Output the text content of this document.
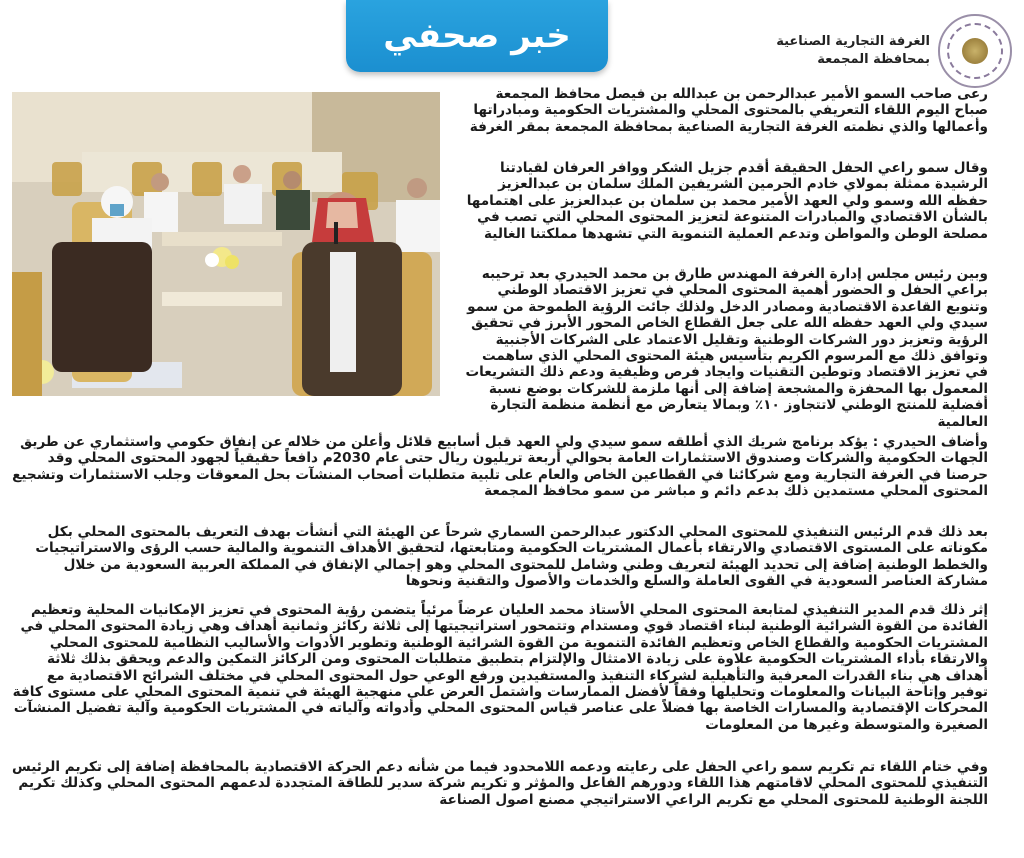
خبر صحفي	الغرفة التجارية الصناعية
بمحافظة المجمعة

رعى صاحب السمو الأمير عبدالرحمن بن عبدالله بن فيصل محافظ المجمعة صباح اليوم اللقاء التعريفي بالمحتوى المحلي والمشتريات الحكومية ومبادراتها وأعمالها والذي نظمته الغرفة التجارية الصناعية بمحافظة المجمعة بمقر الغرفة

وقال سمو راعي الحفل الحقيقة أقدم جزيل الشكر ووافر العرفان لقيادتنا الرشيدة ممثلة بمولاي خادم الحرمين الشريفين الملك سلمان بن عبدالعزيز حفظه الله وسمو ولي العهد الأمير محمد بن سلمان بن عبدالعزيز على اهتمامها بالشأن الاقتصادي والمبادرات المتنوعة لتعزيز المحتوى المحلي التي تصب في مصلحة الوطن والمواطن وتدعم العملية التنموية التي تشهدها مملكتنا الغالية

وبين رئيس مجلس إدارة الغرفة المهندس طارق بن محمد الحيدري بعد ترحيبه براعي الحفل و الحضور أهمية المحتوى المحلي في تعزيز الاقتصاد الوطني وتنويع القاعدة الاقتصادية ومصادر الدخل ولذلك جائت الرؤية الطموحة من سمو سيدي ولي العهد حفظه الله على جعل القطاع الخاص المحور الأبرز في تحقيق الرؤية وتعزيز دور الشركات الوطنية وتقليل الاعتماد على الشركات الأجنبية وتوافق ذلك مع المرسوم الكريم بتأسيس هيئة المحتوى المحلي الذي ساهمت في تعزيز الاقتصاد وتوطين التقنيات وايجاد فرص وظيفية ودعم ذلك التشريعات المعمول بها المحفزة والمشجعة إضافة إلى أنها ملزمة للشركات بوضع نسبة أفضلية للمنتج الوطني لاتتجاوز ١٠٪ وبمالا يتعارض مع أنظمة منظمة التجارة العالمية

وأضاف الحيدري : يؤكد برنامج شريك الذي أطلقه سمو سيدي ولي العهد قبل أسابيع قلائل وأعلن من خلاله عن إنفاق حكومي واستثماري عن طريق الجهات الحكومية والشركات وصندوق الاستثمارات العامة بحوالي أربعة تريليون ريال حتى عام 2030م دافعاً حقيقياً لجهود المحتوى المحلي وقد حرصنا في الغرفة التجارية ومع شركائنا في القطاعين الخاص والعام على تلبية متطلبات أصحاب المنشآت بحل المعوقات وجلب الاستثمارات وتشجيع المحتوى المحلي مستمدين ذلك بدعم دائم و مباشر من سمو محافظ المجمعة

بعد ذلك قدم الرئيس التنفيذي للمحتوى المحلي الدكتور عبدالرحمن السماري شرحاً عن الهيئة التي أنشأت بهدف التعريف بالمحتوى المحلي بكل مكوناته على المستوى الاقتصادي والارتقاء بأعمال المشتريات الحكومية ومتابعتها، لتحقيق الأهداف التنموية والمالية حسب الرؤى والاستراتيجيات والخطط الوطنية إضافة إلى تحديد الهيئة لتعريف وطني وشامل للمحتوى المحلي وهو إجمالي الإنفاق في المملكة العربية السعودية من خلال مشاركة العناصر السعودية في القوى العاملة والسلع والخدمات والأصول والتقنية ونحوها

إثر ذلك قدم المدير التنفيذي لمتابعة المحتوى المحلي الأستاذ محمد العليان عرضاً مرئياً يتضمن رؤية المحتوى في تعزيز الإمكانيات المحلية وتعظيم الفائدة من القوة الشرائية الوطنية لبناء اقتصاد قوي ومستدام وتتمحور استراتيجيتها إلى ثلاثة ركائز وثمانية أهداف وهي زيادة المحتوى المحلي في المشتريات الحكومية والقطاع الخاص وتعظيم الفائدة التنموية من القوة الشرائية الوطنية وتطوير الأدوات والأساليب النظامية للمحتوى المحلي والارتقاء بأداء المشتريات الحكومية علاوة على زيادة الامتثال والإلتزام بتطبيق متطلبات المحتوى ومن الركائز التمكين والدعم ويحقق بذلك ثلاثة أهداف هي بناء القدرات المعرفية والتأهيلية لشركاء التنفيذ والمستفيدين ورفع الوعي حول المحتوى المحلي في مختلف الشرائح الاقتصادية مع توفير وإتاحة البيانات والمعلومات وتحليلها وفقاً لأفضل الممارسات واشتمل العرض على منهجية الهيئة في تنمية المحتوى المحلي على مستوى كافة المحركات الإقتصادية والمسارات الخاصة بها فضلاً على عناصر قياس المحتوى المحلي وأدواته وآلياته في المشتريات الحكومية وآلية تفضيل المنشآت الصغيرة والمتوسطة وغيرها من المعلومات

وفي ختام اللقاء تم تكريم سمو راعي الحفل على رعايته ودعمه اللامحدود فيما من شأنه دعم الحركة الاقتصادية بالمحافظة إضافة إلى تكريم الرئيس التنفيذي للمحتوى المحلي لاقامتهم هذا اللقاء ودورهم الفاعل والمؤثر و تكريم شركة سدير للطاقة المتجددة لدعمهم المحتوى المحلي وكذلك تكريم اللجنة الوطنية للمحتوى المحلي مع تكريم الراعي الاستراتيجي مصنع اصول الصناعة
